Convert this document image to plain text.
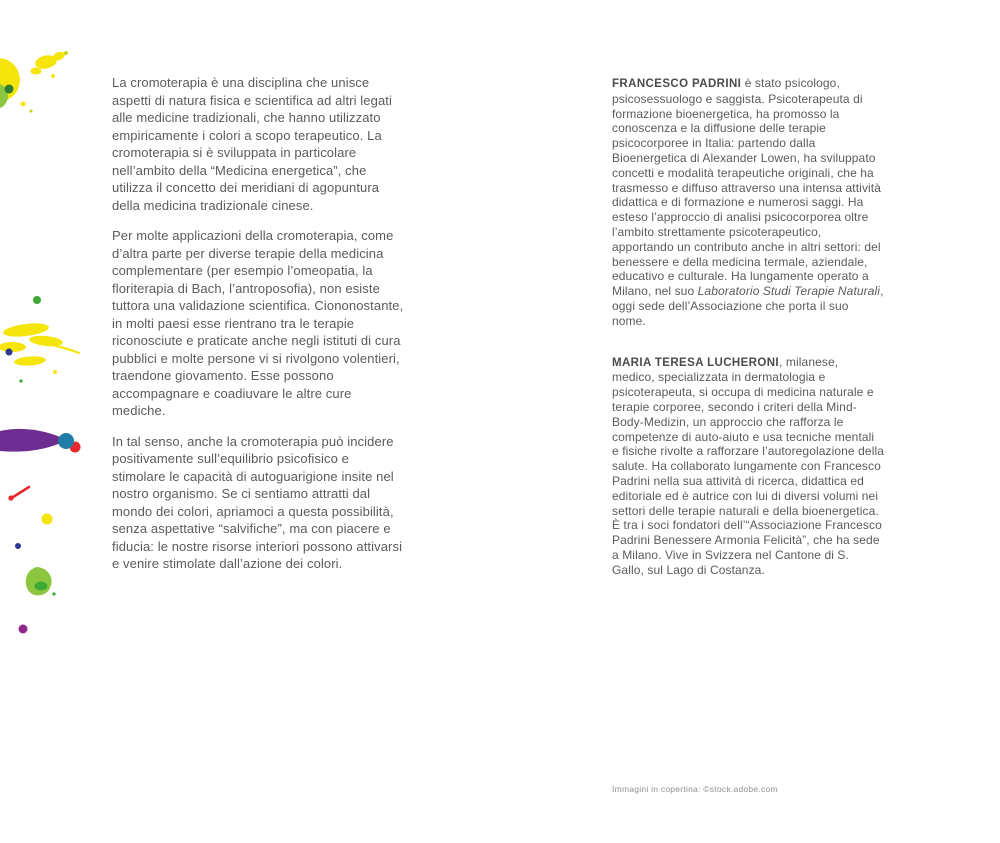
La cromoterapia è una disciplina che unisce aspetti di natura fisica e scientifica ad altri legati alle medicine tradizionali, che hanno utilizzato empiricamente i colori a scopo terapeutico. La cromoterapia si è sviluppata in particolare nell’ambito della “Medicina energetica”, che utilizza il concetto dei meridiani di agopuntura della medicina tradizionale cinese.

Per molte applicazioni della cromoterapia, come d’altra parte per diverse terapie della medicina complementare (per esempio l’omeopatia, la floriterapia di Bach, l’antroposofia), non esiste tuttora una validazione scientifica. Ciononostante, in molti paesi esse rientrano tra le terapie riconosciute e praticate anche negli istituti di cura pubblici e molte persone vi si rivolgono volentieri, traendone giovamento. Esse possono accompagnare e coadiuvare le altre cure mediche.

In tal senso, anche la cromoterapia può incidere positivamente sull’equilibrio psicofisico e stimolare le capacità di autoguarigione insite nel nostro organismo. Se ci sentiamo attratti dal mondo dei colori, apriamoci a questa possibilità, senza aspettative “salvifiche”, ma con piacere e fiducia: le nostre risorse interiori possono attivarsi e venire stimolate dall’azione dei colori.

FRANCESCO PADRINI è stato psicologo, psicosessuologo e saggista. Psicoterapeuta di formazione bioenergetica, ha promosso la conoscenza e la diffusione delle terapie psicocorporee in Italia: partendo dalla Bioenergetica di Alexander Lowen, ha sviluppato concetti e modalità terapeutiche originali, che ha trasmesso e diffuso attraverso una intensa attività didattica e di formazione e numerosi saggi. Ha esteso l’approccio di analisi psicocorporea oltre l’ambito strettamente psicoterapeutico, apportando un contributo anche in altri settori: del benessere e della medicina termale, aziendale, educativo e culturale. Ha lungamente operato a Milano, nel suo Laboratorio Studi Terapie Naturali, oggi sede dell’Associazione che porta il suo nome.

MARIA TERESA LUCHERONI, milanese, medico, specializzata in dermatologia e psicoterapeuta, si occupa di medicina naturale e terapie corporee, secondo i criteri della Mind-Body-Medizin, un approccio che rafforza le competenze di auto-aiuto e usa tecniche mentali e fisiche rivolte a rafforzare l’autoregolazione della salute. Ha collaborato lungamente con Francesco Padrini nella sua attività di ricerca, didattica ed editoriale ed è autrice con lui di diversi volumi nei settori delle terapie naturali e della bioenergetica. È tra i soci fondatori dell’“Associazione Francesco Padrini Benessere Armonia Felicità”, che ha sede a Milano. Vive in Svizzera nel Cantone di S. Gallo, sul Lago di Costanza.

Immagini in copertina: ©stock.adobe.com
